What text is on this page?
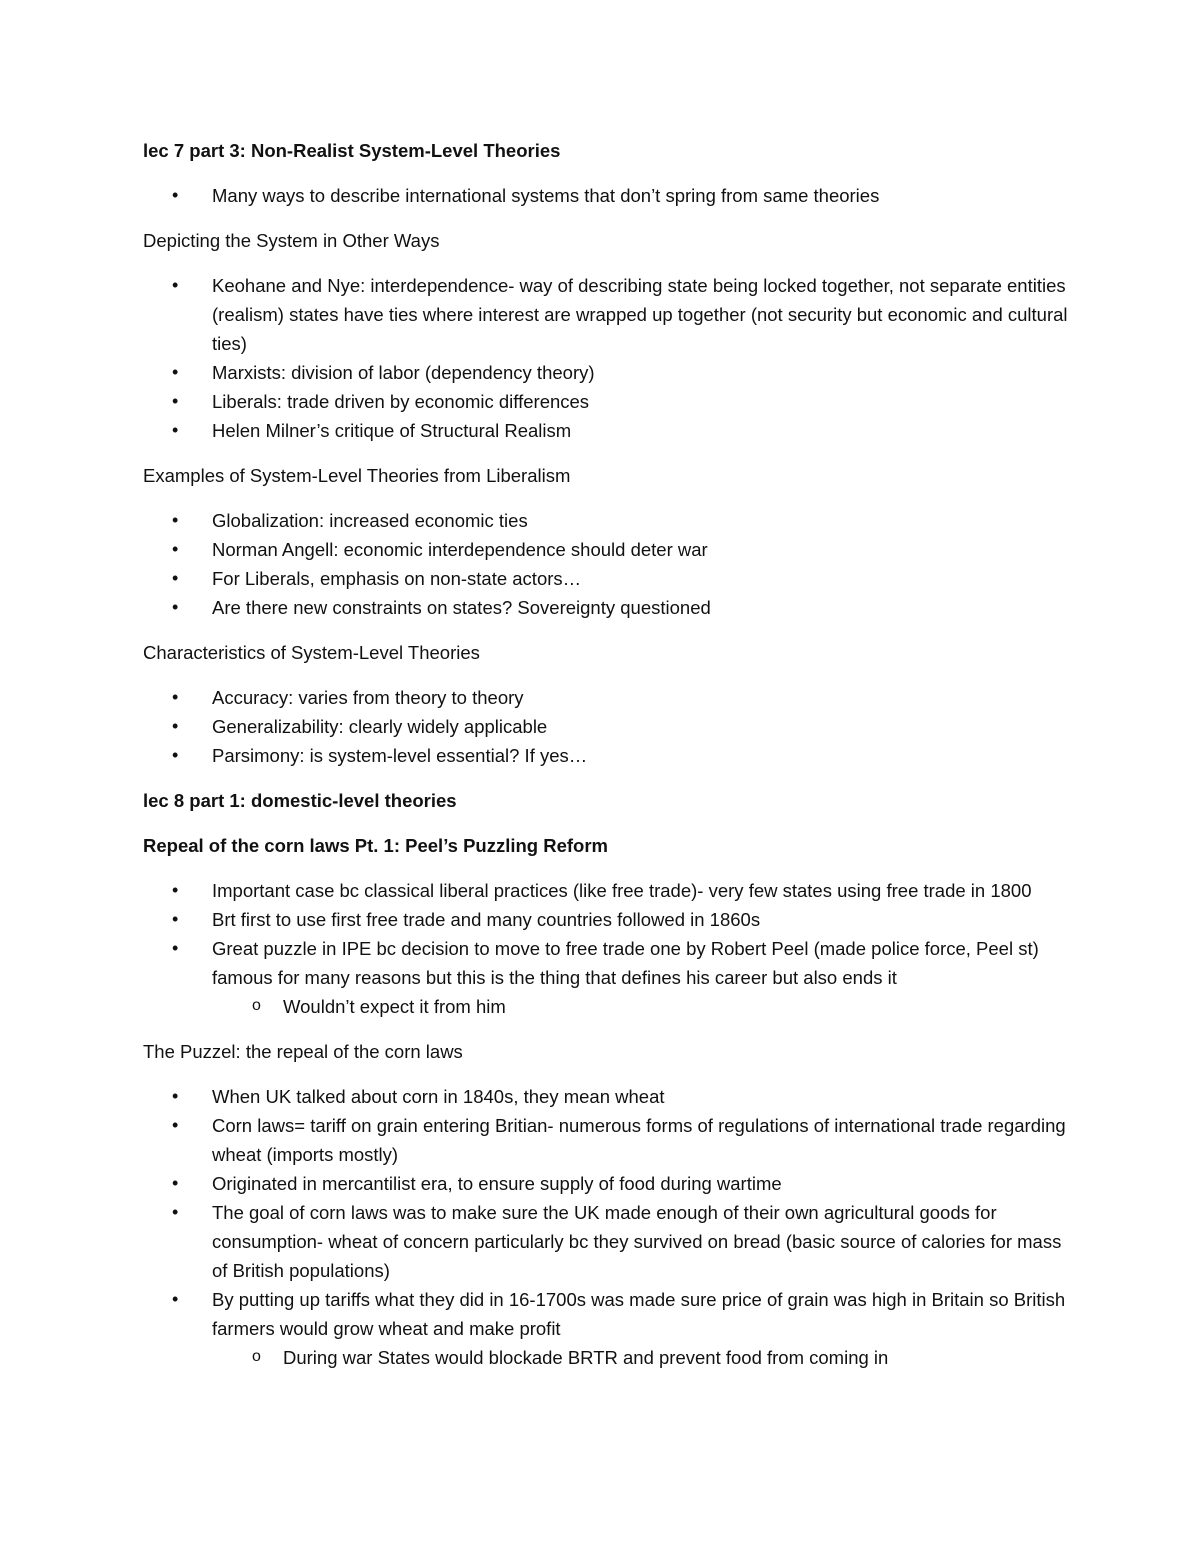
lec 7 part 3: Non-Realist System-Level Theories
• Many ways to describe international systems that don’t spring from same theories
Depicting the System in Other Ways
• Keohane and Nye: interdependence- way of describing state being locked together, not separate entities (realism) states have ties where interest are wrapped up together (not security but economic and cultural ties)
• Marxists: division of labor (dependency theory)
• Liberals: trade driven by economic differences
• Helen Milner’s critique of Structural Realism
Examples of System-Level Theories from Liberalism
• Globalization: increased economic ties
• Norman Angell: economic interdependence should deter war
• For Liberals, emphasis on non-state actors…
• Are there new constraints on states? Sovereignty questioned
Characteristics of System-Level Theories
• Accuracy: varies from theory to theory
• Generalizability: clearly widely applicable
• Parsimony: is system-level essential? If yes…
lec 8 part 1: domestic-level theories
Repeal of the corn laws Pt. 1: Peel’s Puzzling Reform
• Important case bc classical liberal practices (like free trade)- very few states using free trade in 1800
• Brt first to use first free trade and many countries followed in 1860s
• Great puzzle in IPE bc decision to move to free trade one by Robert Peel (made police force, Peel st) famous for many reasons but this is the thing that defines his career but also ends it
o Wouldn’t expect it from him
The Puzzel: the repeal of the corn laws
• When UK talked about corn in 1840s, they mean wheat
• Corn laws= tariff on grain entering Britian- numerous forms of regulations of international trade regarding wheat (imports mostly)
• Originated in mercantilist era, to ensure supply of food during wartime
• The goal of corn laws was to make sure the UK made enough of their own agricultural goods for consumption- wheat of concern particularly bc they survived on bread (basic source of calories for mass of British populations)
• By putting up tariffs what they did in 16-1700s was made sure price of grain was high in Britain so British farmers would grow wheat and make profit
o During war States would blockade BRTR and prevent food from coming in
